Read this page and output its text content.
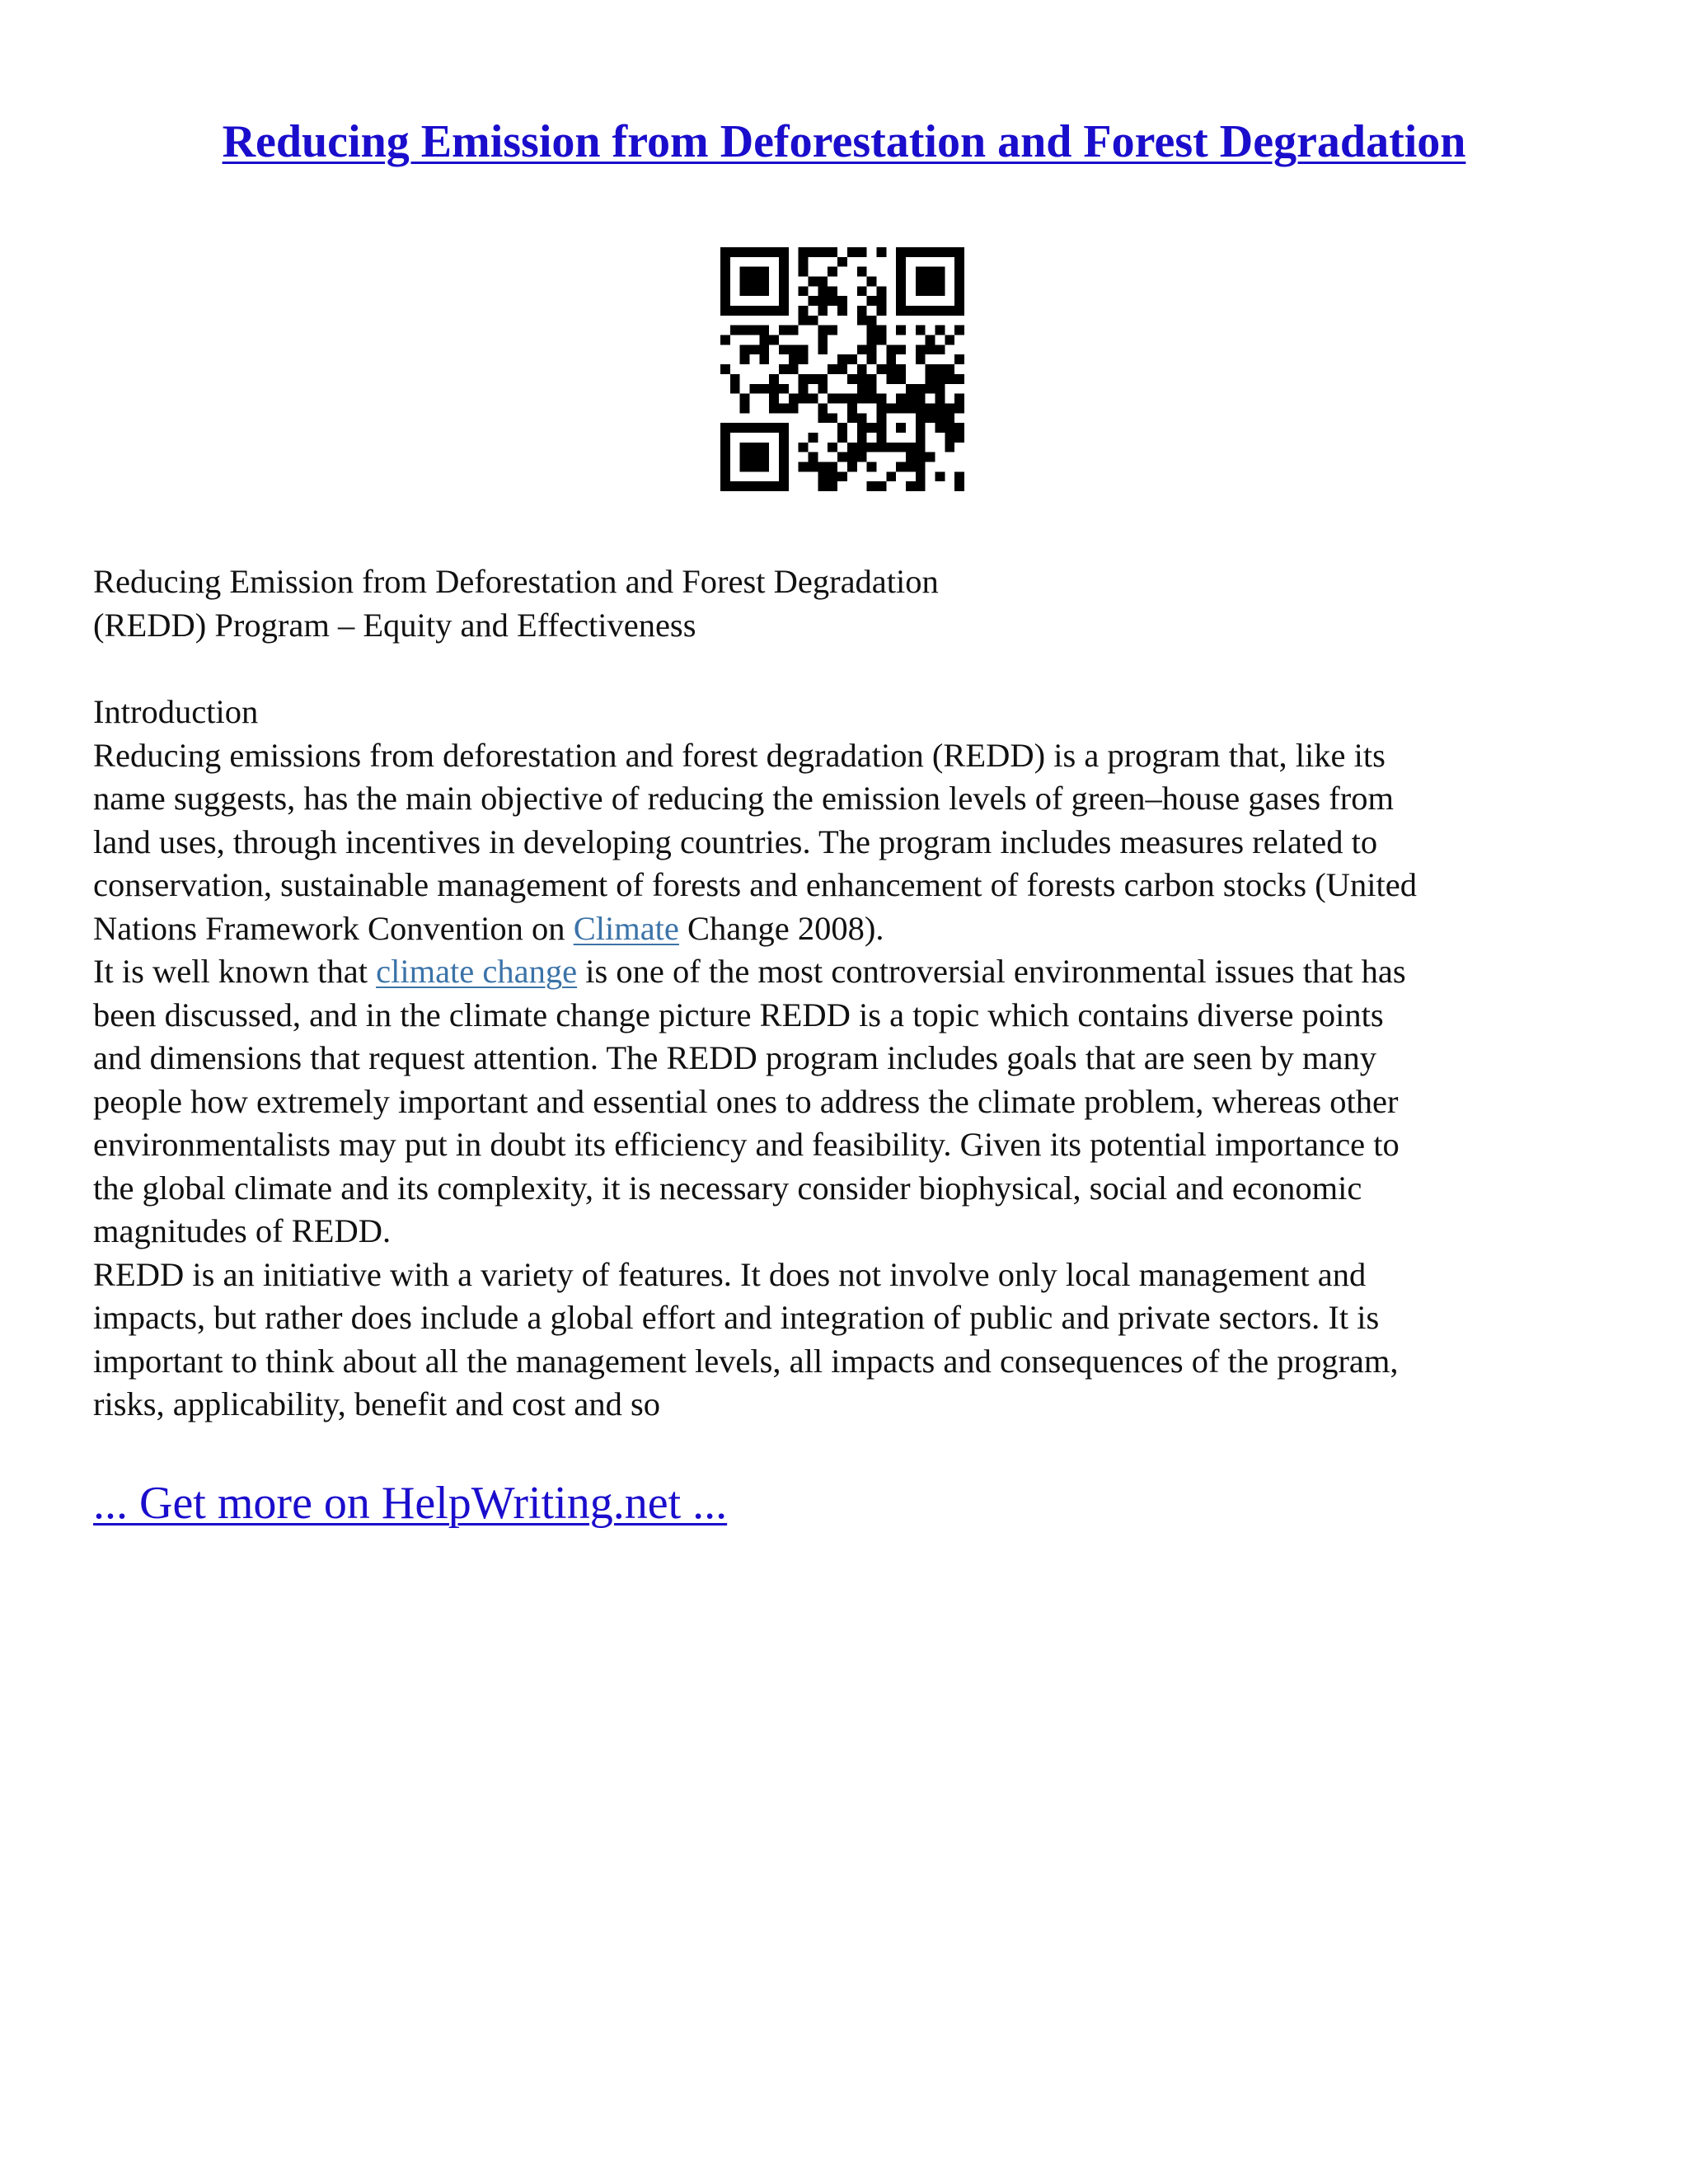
Reducing Emission from Deforestation and Forest Degradation
Reducing Emission from Deforestation and Forest Degradation
(REDD) Program – Equity and Effectiveness
Introduction
Reducing emissions from deforestation and forest degradation (REDD) is a program that, like its
name suggests, has the main objective of reducing the emission levels of green–house gases from
land uses, through incentives in developing countries. The program includes measures related to
conservation, sustainable management of forests and enhancement of forests carbon stocks (United
Nations Framework Convention on Climate Change 2008).
It is well known that climate change is one of the most controversial environmental issues that has
been discussed, and in the climate change picture REDD is a topic which contains diverse points
and dimensions that request attention. The REDD program includes goals that are seen by many
people how extremely important and essential ones to address the climate problem, whereas other
environmentalists may put in doubt its efficiency and feasibility. Given its potential importance to
the global climate and its complexity, it is necessary consider biophysical, social and economic
magnitudes of REDD.
REDD is an initiative with a variety of features. It does not involve only local management and
impacts, but rather does include a global effort and integration of public and private sectors. It is
important to think about all the management levels, all impacts and consequences of the program,
risks, applicability, benefit and cost and so
... Get more on HelpWriting.net ...
